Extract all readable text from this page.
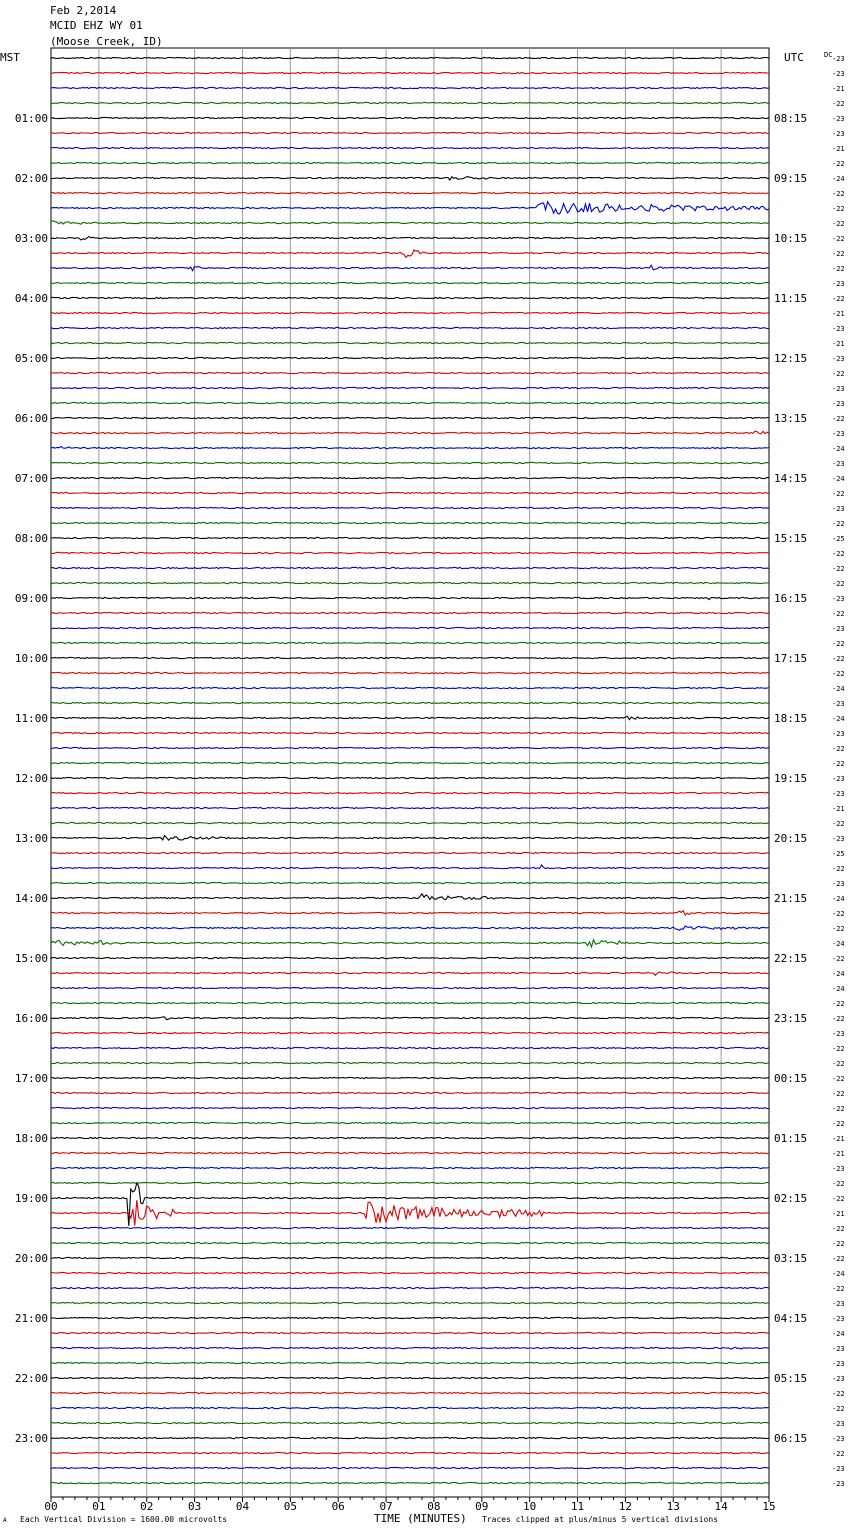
Feb 2,2014
MCID EHZ WY 01
(Moose Creek, ID)
00	01	02	03	04	05	06	07	08	09	10	11	12	13	14	15
-23
-23
-21
-22
-23
-23
-21
-22
-24
-22
-22
-22
-22
-22
-22
-23
-22
-21
-23
-21
-23
-22
-23
-23
-22
-23
-24
-23
-24
-22
-23
-22
-25
-22
-22
-22
-23
-22
-23
-22
-22
-22
-24
-23
-24
-23
-22
-22
-23
-23
-21
-22
-23
-25
-22
-23
-24
-22
-22
-24
-22
-24
-24
-22
-22
-23
-22
-22
-22
-22
-22
-22
-21
-21
-23
-22
-22
-21
-22
-22
-22
-24
-22
-23
-23
-24
-23
-23
-23
-22
-22
-23
-23
-22
-23
-23
01:00
02:00
03:00
04:00
05:00
06:00
07:00
08:00
09:00
10:00
11:00
12:00
13:00
14:00
15:00
16:00
17:00
18:00
19:00
20:00
21:00
22:00
23:00
08:15
09:15
10:15
11:15
12:15
13:15
14:15
15:15
16:15
17:15
18:15
19:15
20:15
21:15
22:15
23:15
00:15
01:15
02:15
03:15
04:15
05:15
06:15
MST	UTC	DC
Each Vertical Division = 1600.00 microvolts	TIME (MINUTES) Traces clipped at plus/minus 5 vertical divisions
A
